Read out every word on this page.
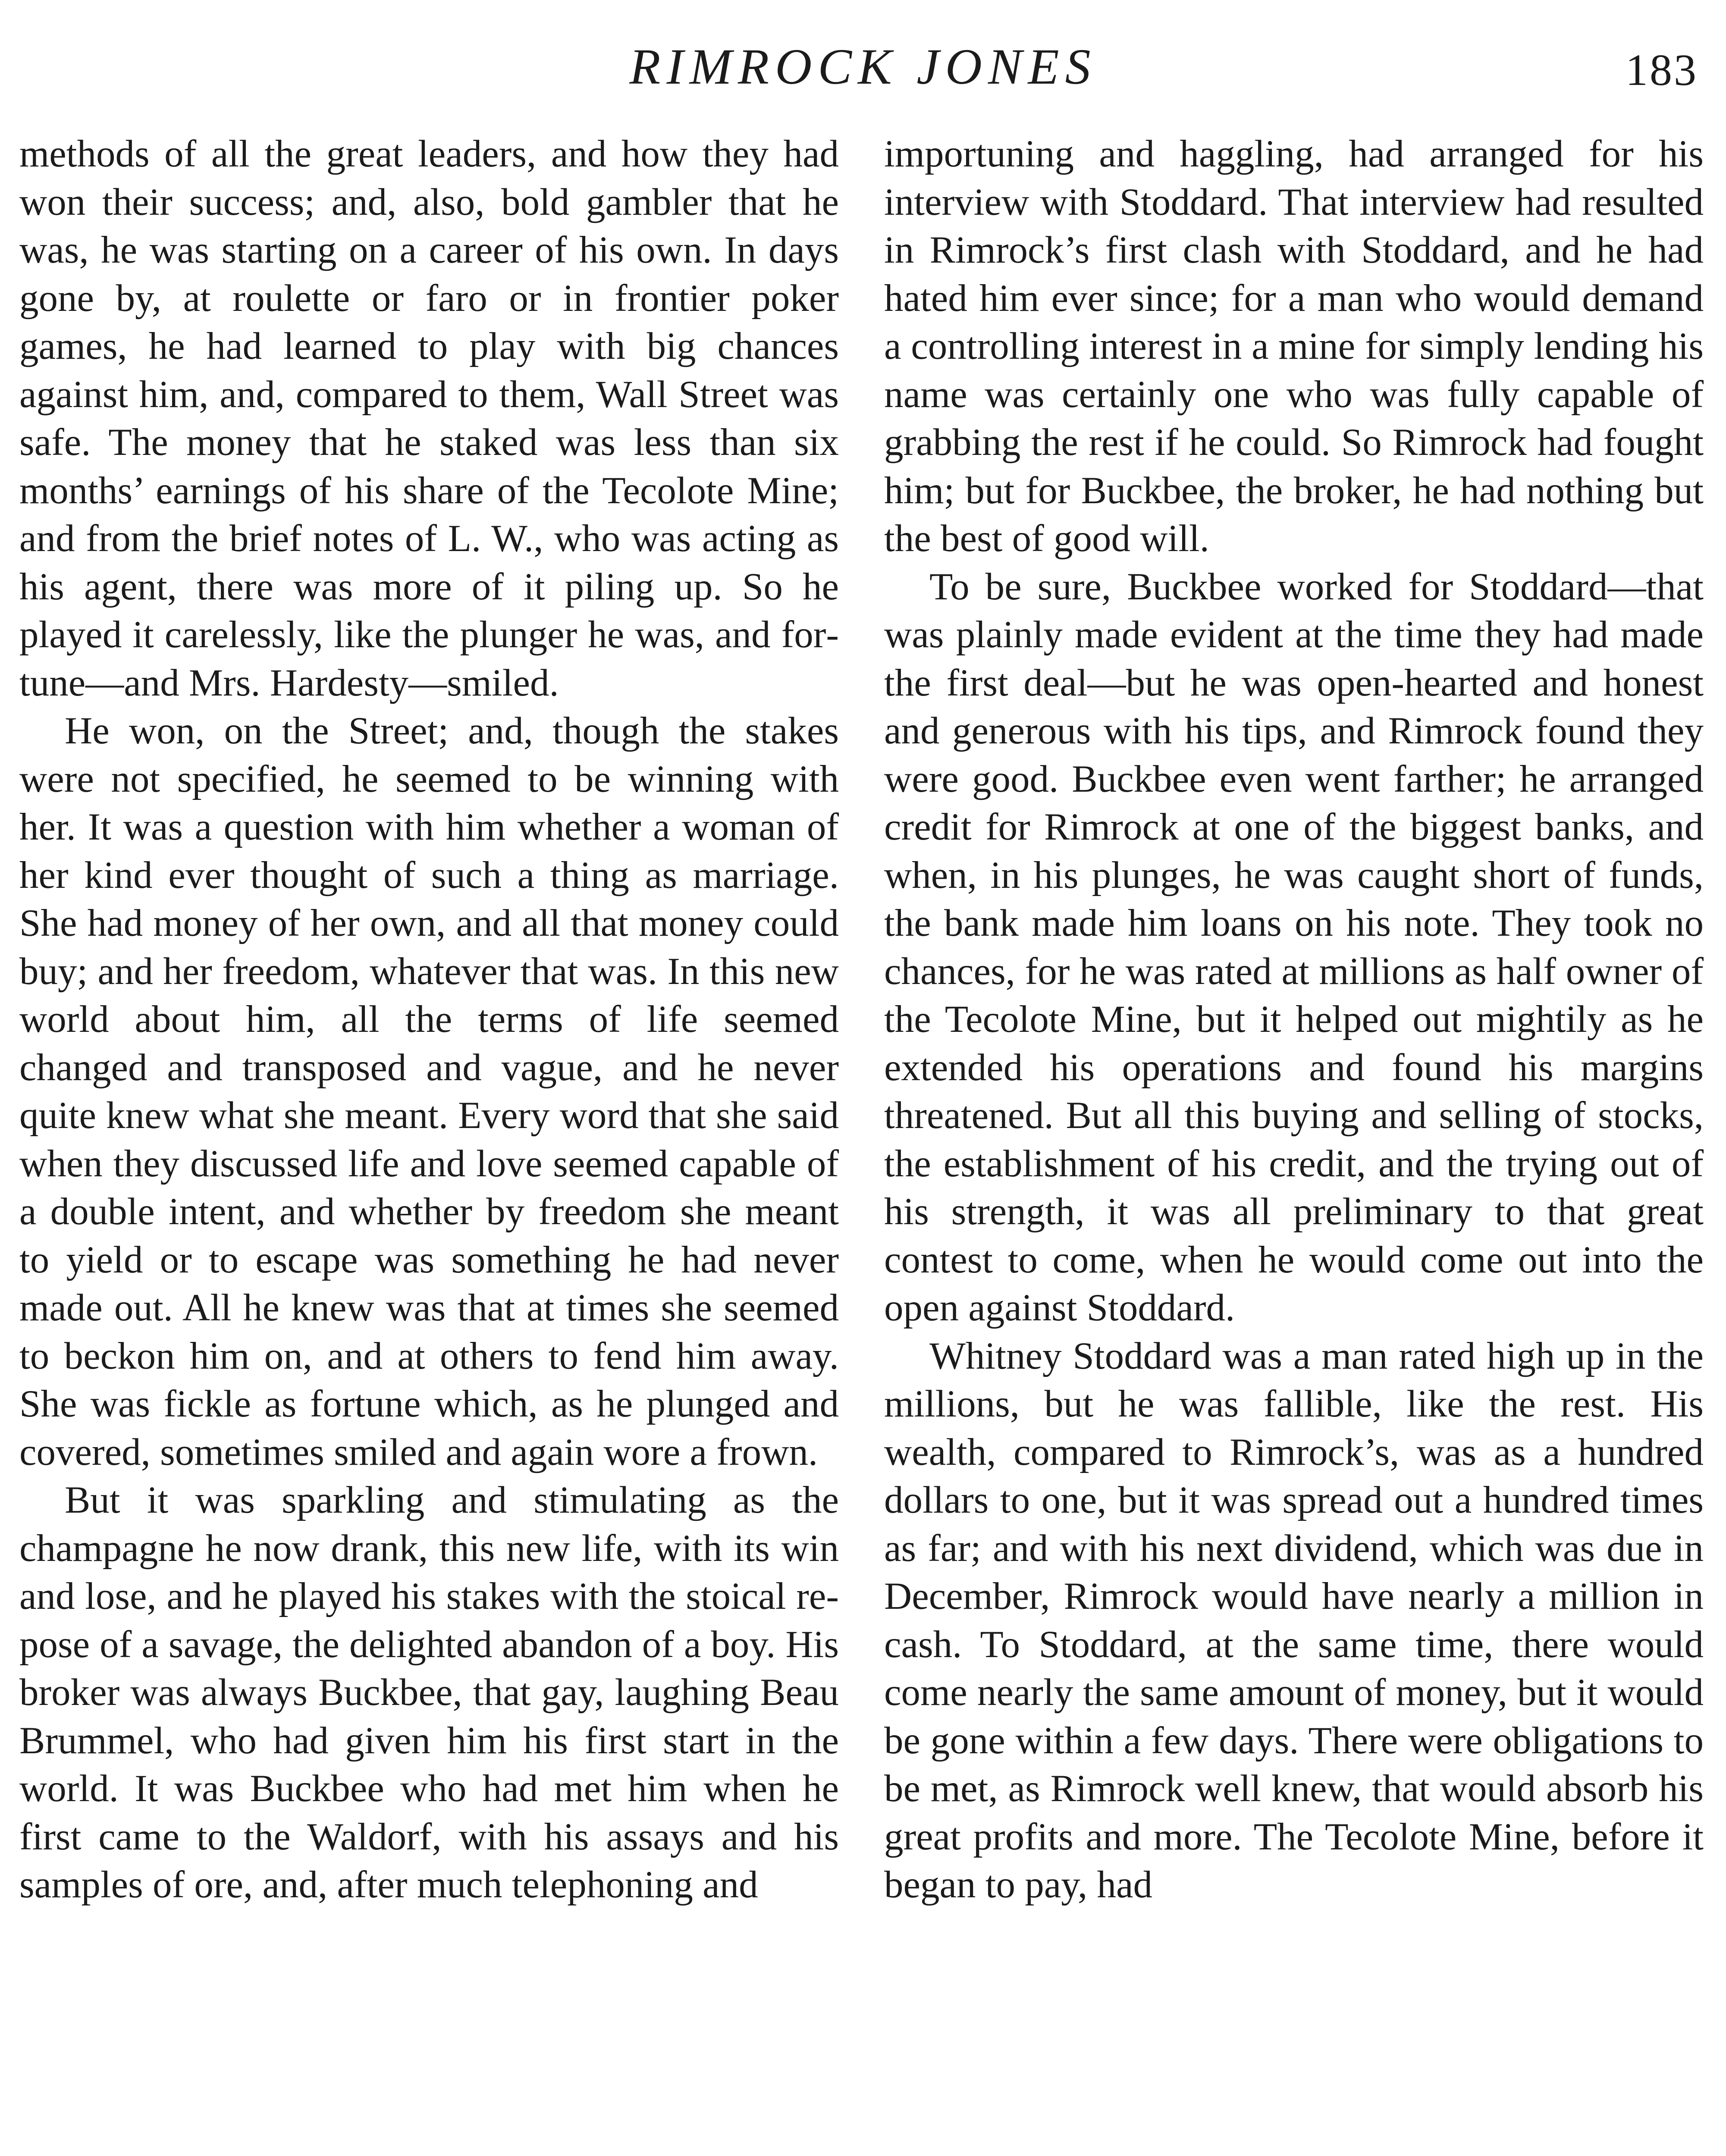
RIMROCK JONES	183

methods of all the great leaders, and how they had won their success; and, also, bold gambler that he was, he was starting on a career of his own. In days gone by, at roulette or faro or in frontier poker games, he had learned to play with big chances against him, and, compared to them, Wall Street was safe. The money that he staked was less than six months’ earnings of his share of the Tecolote Mine; and from the brief notes of L. W., who was acting as his agent, there was more of it piling up. So he played it carelessly, like the plunger he was, and fortune—and Mrs. Hardesty—smiled.

He won, on the Street; and, though the stakes were not specified, he seemed to be winning with her. It was a question with him whether a woman of her kind ever thought of such a thing as marriage. She had money of her own, and all that money could buy; and her freedom, whatever that was. In this new world about him, all the terms of life seemed changed and transposed and vague, and he never quite knew what she meant. Every word that she said when they discussed life and love seemed capable of a double intent, and whether by freedom she meant to yield or to escape was something he had never made out. All he knew was that at times she seemed to beckon him on, and at others to fend him away. She was fickle as fortune which, as he plunged and covered, sometimes smiled and again wore a frown.

But it was sparkling and stimulating as the champagne he now drank, this new life, with its win and lose, and he played his stakes with the stoical repose of a savage, the delighted abandon of a boy. His broker was always Buckbee, that gay, laughing Beau Brummel, who had given him his first start in the world. It was Buckbee who had met him when he first came to the Waldorf, with his assays and his samples of ore, and, after much telephoning and

importuning and haggling, had arranged for his interview with Stoddard. That interview had resulted in Rimrock’s first clash with Stoddard, and he had hated him ever since; for a man who would demand a controlling interest in a mine for simply lending his name was certainly one who was fully capable of grabbing the rest if he could. So Rimrock had fought him; but for Buckbee, the broker, he had nothing but the best of good will.

To be sure, Buckbee worked for Stoddard—that was plainly made evident at the time they had made the first deal—but he was open-hearted and honest and generous with his tips, and Rimrock found they were good. Buckbee even went farther; he arranged credit for Rimrock at one of the biggest banks, and when, in his plunges, he was caught short of funds, the bank made him loans on his note. They took no chances, for he was rated at millions as half owner of the Tecolote Mine, but it helped out mightily as he extended his operations and found his margins threatened. But all this buying and selling of stocks, the establishment of his credit, and the trying out of his strength, it was all preliminary to that great contest to come, when he would come out into the open against Stoddard.

Whitney Stoddard was a man rated high up in the millions, but he was fallible, like the rest. His wealth, compared to Rimrock’s, was as a hundred dollars to one, but it was spread out a hundred times as far; and with his next dividend, which was due in December, Rimrock would have nearly a million in cash. To Stoddard, at the same time, there would come nearly the same amount of money, but it would be gone within a few days. There were obligations to be met, as Rimrock well knew, that would absorb his great profits and more. The Tecolote Mine, before it began to pay, had
